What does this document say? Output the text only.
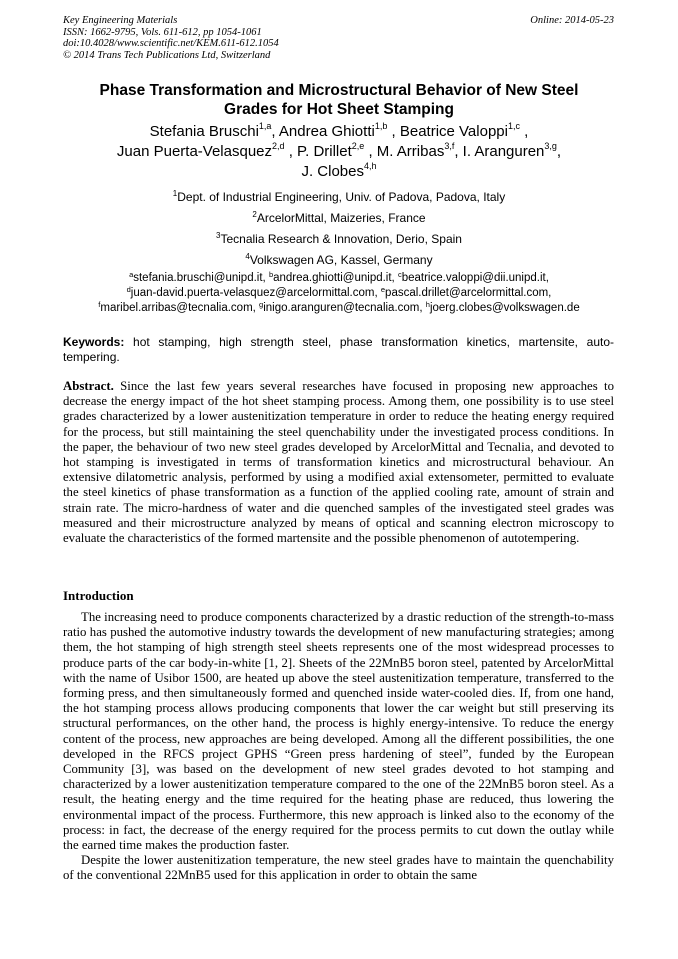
Key Engineering Materials
ISSN: 1662-9795, Vols. 611-612, pp 1054-1061
doi:10.4028/www.scientific.net/KEM.611-612.1054
© 2014 Trans Tech Publications Ltd, Switzerland
Online: 2014-05-23
Phase Transformation and Microstructural Behavior of New Steel
Grades for Hot Sheet Stamping
Stefania Bruschi$^{1,a}$, Andrea Ghiotti$^{1,b}$ , Beatrice Valoppi$^{1,c}$ ,
Juan Puerta-Velasquez$^{2,d}$ , P. Drillet$^{2,e}$ , M. Arribas$^{3,f}$, I. Aranguren$^{3,g}$,
J. Clobes$^{4,h}$
$^1$Dept. of Industrial Engineering, Univ. of Padova, Padova, Italy
$^2$ArcelorMittal, Maizeries, France
$^3$Tecnalia Research & Innovation, Derio, Spain
$^4$Volkswagen AG, Kassel, Germany
$^a$stefania.bruschi@unipd.it, $^b$andrea.ghiotti@unipd.it, $^c$beatrice.valoppi@dii.unipd.it,
$^d$juan-david.puerta-velasquez@arcelormittal.com, $^e$pascal.drillet@arcelormittal.com,
$^f$maribel.arribas@tecnalia.com, $^g$inigo.aranguren@tecnalia.com, $^h$joerg.clobes@volkswagen.de
Keywords: hot stamping, high strength steel, phase transformation kinetics, martensite, auto-tempering.
Abstract. Since the last few years several researches have focused in proposing new approaches to decrease the energy impact of the hot sheet stamping process. Among them, one possibility is to use steel grades characterized by a lower austenitization temperature in order to reduce the heating energy required for the process, but still maintaining the steel quenchability under the investigated process conditions. In the paper, the behaviour of two new steel grades developed by ArcelorMittal and Tecnalia, and devoted to hot stamping is investigated in terms of transformation kinetics and microstructural behaviour. An extensive dilatometric analysis, performed by using a modified axial extensometer, permitted to evaluate the steel kinetics of phase transformation as a function of the applied cooling rate, amount of strain and strain rate. The micro-hardness of water and die quenched samples of the investigated steel grades was measured and their microstructure analyzed by means of optical and scanning electron microscopy to evaluate the characteristics of the formed martensite and the possible phenomenon of autotempering.
Introduction

The increasing need to produce components characterized by a drastic reduction of the strength-to-mass ratio has pushed the automotive industry towards the development of new manufacturing strategies; among them, the hot stamping of high strength steel sheets represents one of the most widespread processes to produce parts of the car body-in-white [1, 2]. Sheets of the 22MnB5 boron steel, patented by ArcelorMittal with the name of Usibor 1500, are heated up above the steel austenitization temperature, transferred to the forming press, and then simultaneously formed and quenched inside water-cooled dies. If, from one hand, the hot stamping process allows producing components that lower the car weight but still preserving its structural performances, on the other hand, the process is highly energy-intensive. To reduce the energy content of the process, new approaches are being developed. Among all the different possibilities, the one developed in the RFCS project GPHS “Green press hardening of steel”, funded by the European Community [3], was based on the development of new steel grades devoted to hot stamping and characterized by a lower austenitization temperature compared to the one of the 22MnB5 boron steel. As a result, the heating energy and the time required for the heating phase are reduced, thus lowering the environmental impact of the process. Furthermore, this new approach is linked also to the economy of the process: in fact, the decrease of the energy required for the process permits to cut down the outlay while the earned time makes the production faster.

Despite the lower austenitization temperature, the new steel grades have to maintain the quenchability of the conventional 22MnB5 used for this application in order to obtain the same
